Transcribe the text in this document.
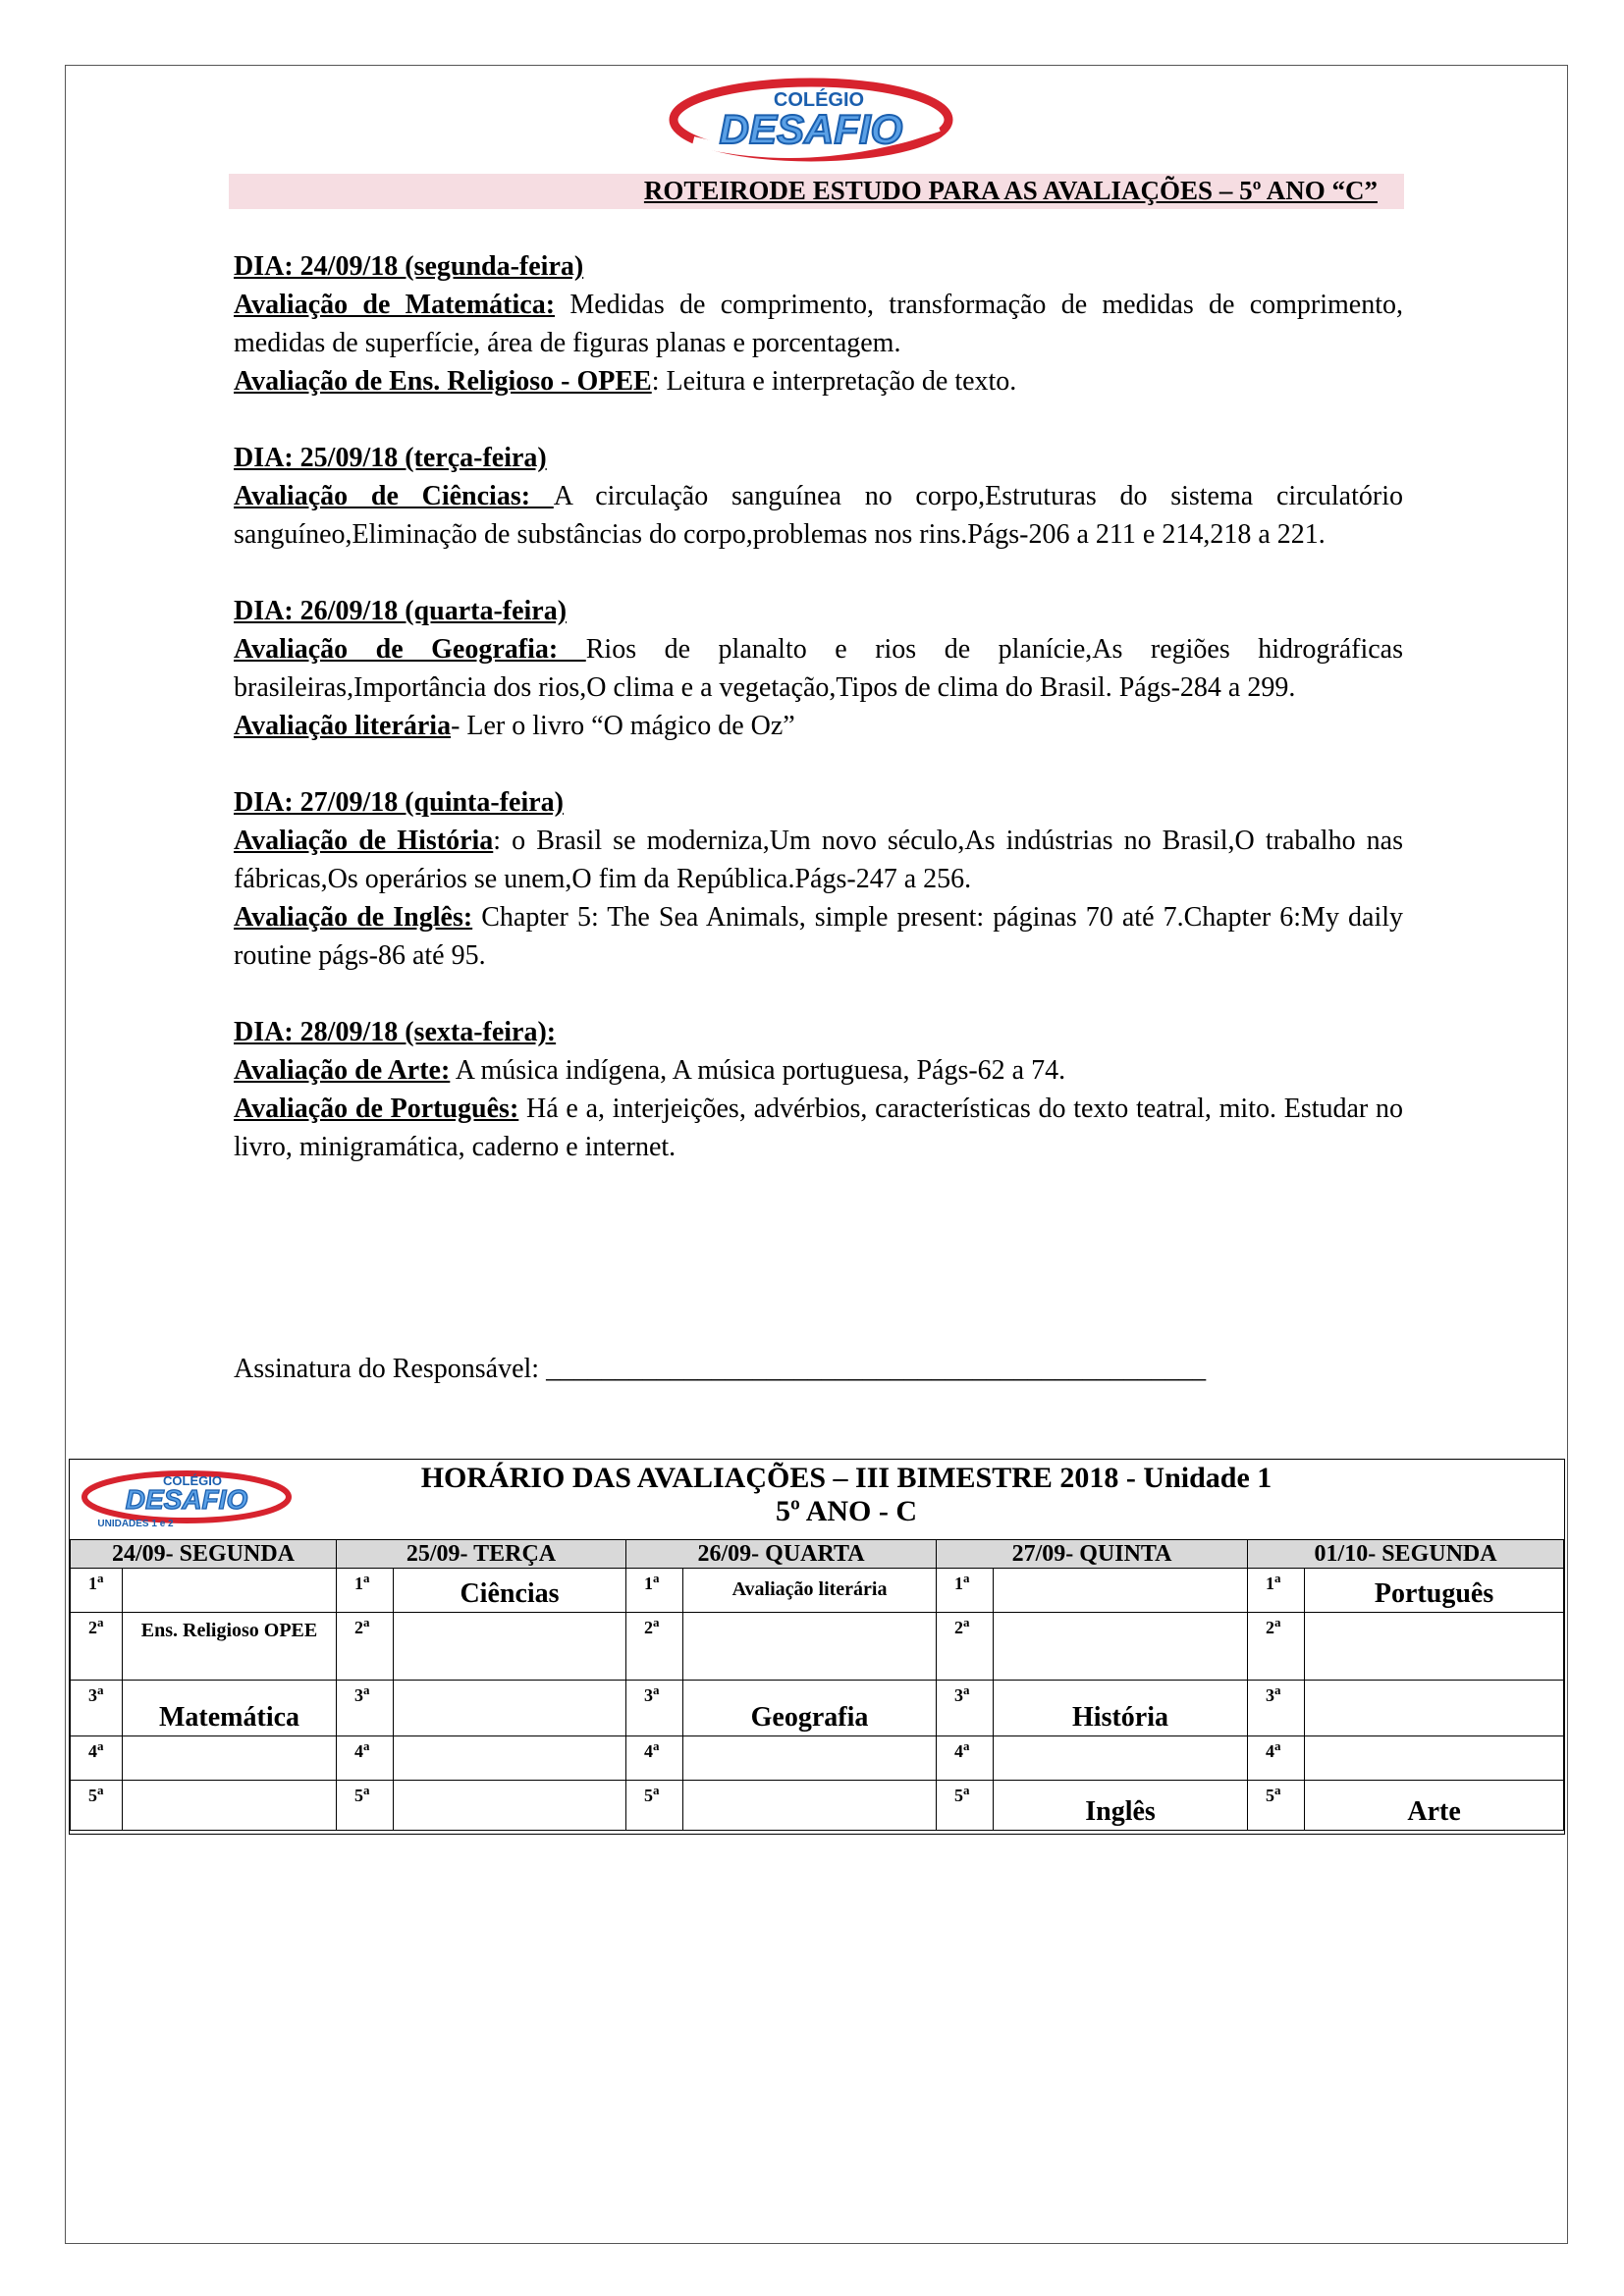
COLÉGIO
DESAFIO
ROTEIRODE ESTUDO PARA AS AVALIAÇÕES – 5º ANO “C”
DIA: 24/09/18 (segunda-feira)
Avaliação de Matemática: Medidas de comprimento, transformação de medidas de comprimento, medidas de superfície, área de figuras planas e porcentagem.
Avaliação de Ens. Religioso - OPEE: Leitura e interpretação de texto.
DIA: 25/09/18 (terça-feira)
Avaliação de Ciências: A circulação sanguínea no corpo,Estruturas do sistema circulatório sanguíneo,Eliminação de substâncias do corpo,problemas nos rins.Págs-206 a 211 e 214,218 a 221.
DIA: 26/09/18 (quarta-feira)
Avaliação de Geografia: Rios de planalto e rios de planície,As regiões hidrográficas brasileiras,Importância dos rios,O clima e a vegetação,Tipos de clima do Brasil. Págs-284 a 299.
Avaliação literária- Ler o livro “O mágico de Oz”
DIA: 27/09/18 (quinta-feira)
Avaliação de História: o Brasil se moderniza,Um novo século,As indústrias no Brasil,O trabalho nas fábricas,Os operários se unem,O fim da República.Págs-247 a 256.
Avaliação de Inglês: Chapter 5: The Sea Animals, simple present: páginas 70 até 7.Chapter 6:My daily routine págs-86 até 95.
DIA: 28/09/18 (sexta-feira):
Avaliação de Arte: A música indígena, A música portuguesa, Págs-62 a 74.
Avaliação de Português: Há e a, interjeições, advérbios, características do texto teatral, mito. Estudar no livro, minigramática, caderno e internet.
Assinatura do Responsável: ________________________________________________
HORÁRIO DAS AVALIAÇÕES – III BIMESTRE 2018 - Unidade 1
5º ANO - C
24/09- SEGUNDA		25/09- TERÇA		26/09- QUARTA		27/09- QUINTA		01/10- SEGUNDA	
1$^a$		1$^a$	Ciências	1$^a$	Avaliação literária	1$^a$		1$^a$	Português
2$^a$	Ens. Religioso OPEE	2$^a$		2$^a$		2$^a$		2$^a$	
3$^a$	Matemática	3$^a$		3$^a$	Geografia	3$^a$	História	3$^a$	
4$^a$		4$^a$		4$^a$		4$^a$		4$^a$	
5$^a$		5$^a$		5$^a$		5$^a$	Inglês	5$^a$	Arte
COLÉGIO
DESAFIO
UNIDADES 1 e 2
